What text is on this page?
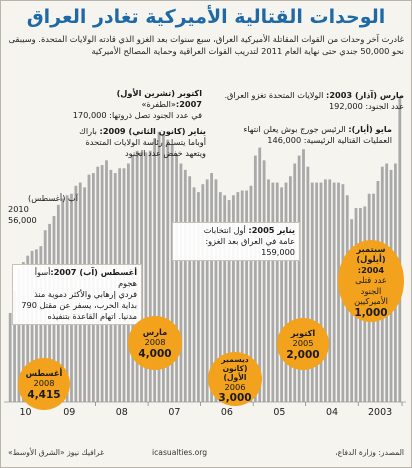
الوحدات القتالية الأميركية تغادر العراق
غادرت آخر وحدات من القوات المقاتلة الأميركية العراق، سبع سنوات بعد الغزو الذي قادته الولايات المتحدة. وسيبقى نحو 50,000 جندي حتى نهاية العام 2011 لتدريب القوات العراقية وحماية المصالح الأميركية
2003
04
05
06
07
08
09
10
مارس (آذار) 2003: الولايات المتحدة تغزو العراق.
عدد الجنود: 192,000
مايو (أيار): الرئيس جورج بوش يعلن انتهاء
العمليات القتالية الرئيسية: 146,000
اكتوبر (تشرين الأول) 2007:«الطفرة»
في عدد الجنود تصل ذروتها: 170,000
يناير (كانون الثاني) 2009: باراك
أوباما يتسلم رئاسة الولايات المتحدة
ويتعهد خفض عدد الجنود
آب (أغسطس)
2010
56,000
يناير 2005: أول انتخابات
عامة في العراق بعد الغزو: 159,000
أغسطس (آب) 2007:أسوأ هجوم
فردي إرهابي والأكثر دموية منذ
بداية الحرب، يسفر عن مقتل 790
مدنيا. اتهام القاعدة بتنفيذه
أغسطس
2008
4,415
مارس
2008
4,000	ديسمبر (كانون الأول)
2006
3,000
اكتوبر
2005
2,000
سبتمبر (أيلول) 2004:
عدد قتلى الجنود الأميركيين
1,000
غرافيك نيوز «الشرق الأوسط»	icasualties.org	المصدر: وزارة الدفاع،
